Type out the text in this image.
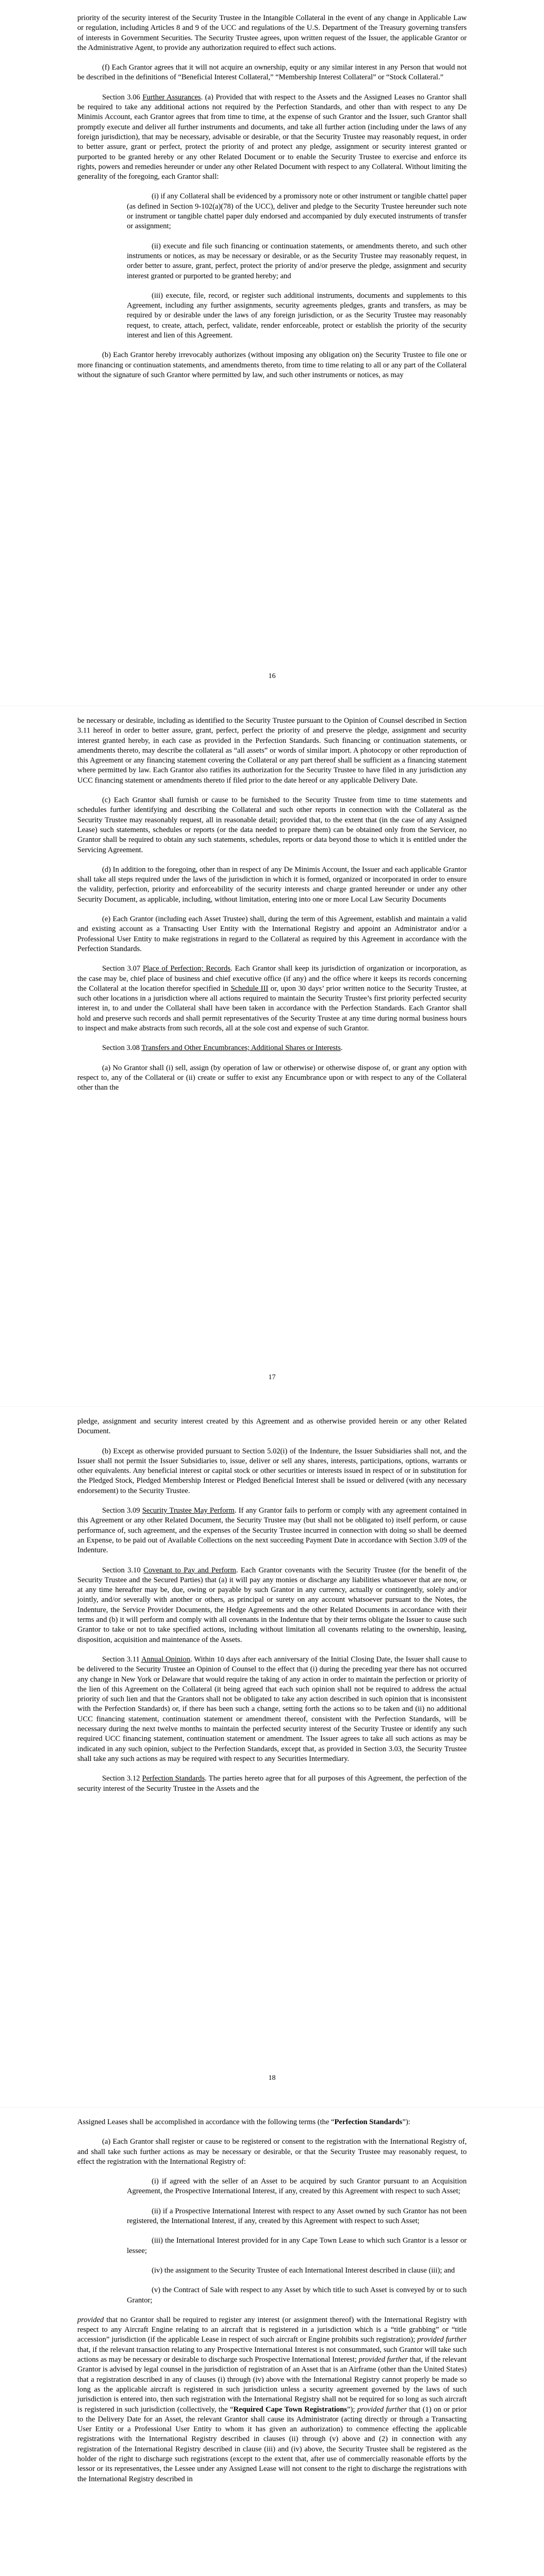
priority of the security interest of the Security Trustee in the Intangible Collateral in the event of any change in Applicable Law or regulation, including Articles 8 and 9 of the UCC and regulations of the U.S. Department of the Treasury governing transfers of interests in Government Securities. The Security Trustee agrees, upon written request of the Issuer, the applicable Grantor or the Administrative Agent, to provide any authorization required to effect such actions.

(f) Each Grantor agrees that it will not acquire an ownership, equity or any similar interest in any Person that would not be described in the definitions of “Beneficial Interest Collateral,” “Membership Interest Collateral” or “Stock Collateral.”

Section 3.06 Further Assurances. (a) Provided that with respect to the Assets and the Assigned Leases no Grantor shall be required to take any additional actions not required by the Perfection Standards, and other than with respect to any De Minimis Account, each Grantor agrees that from time to time, at the expense of such Grantor and the Issuer, such Grantor shall promptly execute and deliver all further instruments and documents, and take all further action (including under the laws of any foreign jurisdiction), that may be necessary, advisable or desirable, or that the Security Trustee may reasonably request, in order to better assure, grant or perfect, protect the priority of and protect any pledge, assignment or security interest granted or purported to be granted hereby or any other Related Document or to enable the Security Trustee to exercise and enforce its rights, powers and remedies hereunder or under any other Related Document with respect to any Collateral. Without limiting the generality of the foregoing, each Grantor shall:

(i) if any Collateral shall be evidenced by a promissory note or other instrument or tangible chattel paper (as defined in Section 9-102(a)(78) of the UCC), deliver and pledge to the Security Trustee hereunder such note or instrument or tangible chattel paper duly endorsed and accompanied by duly executed instruments of transfer or assignment;

(ii) execute and file such financing or continuation statements, or amendments thereto, and such other instruments or notices, as may be necessary or desirable, or as the Security Trustee may reasonably request, in order better to assure, grant, perfect, protect the priority of and/or preserve the pledge, assignment and security interest granted or purported to be granted hereby; and

(iii) execute, file, record, or register such additional instruments, documents and supplements to this Agreement, including any further assignments, security agreements pledges, grants and transfers, as may be required by or desirable under the laws of any foreign jurisdiction, or as the Security Trustee may reasonably request, to create, attach, perfect, validate, render enforceable, protect or establish the priority of the security interest and lien of this Agreement.

(b) Each Grantor hereby irrevocably authorizes (without imposing any obligation on) the Security Trustee to file one or more financing or continuation statements, and amendments thereto, from time to time relating to all or any part of the Collateral without the signature of such Grantor where permitted by law, and such other instruments or notices, as may

16

be necessary or desirable, including as identified to the Security Trustee pursuant to the Opinion of Counsel described in Section 3.11 hereof in order to better assure, grant, perfect, perfect the priority of and preserve the pledge, assignment and security interest granted hereby, in each case as provided in the Perfection Standards. Such financing or continuation statements, or amendments thereto, may describe the collateral as “all assets” or words of similar import. A photocopy or other reproduction of this Agreement or any financing statement covering the Collateral or any part thereof shall be sufficient as a financing statement where permitted by law. Each Grantor also ratifies its authorization for the Security Trustee to have filed in any jurisdiction any UCC financing statement or amendments thereto if filed prior to the date hereof or any applicable Delivery Date.

(c) Each Grantor shall furnish or cause to be furnished to the Security Trustee from time to time statements and schedules further identifying and describing the Collateral and such other reports in connection with the Collateral as the Security Trustee may reasonably request, all in reasonable detail; provided that, to the extent that (in the case of any Assigned Lease) such statements, schedules or reports (or the data needed to prepare them) can be obtained only from the Servicer, no Grantor shall be required to obtain any such statements, schedules, reports or data beyond those to which it is entitled under the Servicing Agreement.

(d) In addition to the foregoing, other than in respect of any De Minimis Account, the Issuer and each applicable Grantor shall take all steps required under the laws of the jurisdiction in which it is formed, organized or incorporated in order to ensure the validity, perfection, priority and enforceability of the security interests and charge granted hereunder or under any other Security Document, as applicable, including, without limitation, entering into one or more Local Law Security Documents

(e) Each Grantor (including each Asset Trustee) shall, during the term of this Agreement, establish and maintain a valid and existing account as a Transacting User Entity with the International Registry and appoint an Administrator and/or a Professional User Entity to make registrations in regard to the Collateral as required by this Agreement in accordance with the Perfection Standards.

Section 3.07 Place of Perfection; Records. Each Grantor shall keep its jurisdiction of organization or incorporation, as the case may be, chief place of business and chief executive office (if any) and the office where it keeps its records concerning the Collateral at the location therefor specified in Schedule III or, upon 30 days’ prior written notice to the Security Trustee, at such other locations in a jurisdiction where all actions required to maintain the Security Trustee’s first priority perfected security interest in, to and under the Collateral shall have been taken in accordance with the Perfection Standards. Each Grantor shall hold and preserve such records and shall permit representatives of the Security Trustee at any time during normal business hours to inspect and make abstracts from such records, all at the sole cost and expense of such Grantor.

Section 3.08 Transfers and Other Encumbrances; Additional Shares or Interests.

(a) No Grantor shall (i) sell, assign (by operation of law or otherwise) or otherwise dispose of, or grant any option with respect to, any of the Collateral or (ii) create or suffer to exist any Encumbrance upon or with respect to any of the Collateral other than the

17

pledge, assignment and security interest created by this Agreement and as otherwise provided herein or any other Related Document.

(b) Except as otherwise provided pursuant to Section 5.02(i) of the Indenture, the Issuer Subsidiaries shall not, and the Issuer shall not permit the Issuer Subsidiaries to, issue, deliver or sell any shares, interests, participations, options, warrants or other equivalents. Any beneficial interest or capital stock or other securities or interests issued in respect of or in substitution for the Pledged Stock, Pledged Membership Interest or Pledged Beneficial Interest shall be issued or delivered (with any necessary endorsement) to the Security Trustee.

Section 3.09 Security Trustee May Perform. If any Grantor fails to perform or comply with any agreement contained in this Agreement or any other Related Document, the Security Trustee may (but shall not be obligated to) itself perform, or cause performance of, such agreement, and the expenses of the Security Trustee incurred in connection with doing so shall be deemed an Expense, to be paid out of Available Collections on the next succeeding Payment Date in accordance with Section 3.09 of the Indenture.

Section 3.10 Covenant to Pay and Perform. Each Grantor covenants with the Security Trustee (for the benefit of the Security Trustee and the Secured Parties) that (a) it will pay any monies or discharge any liabilities whatsoever that are now, or at any time hereafter may be, due, owing or payable by such Grantor in any currency, actually or contingently, solely and/or jointly, and/or severally with another or others, as principal or surety on any account whatsoever pursuant to the Notes, the Indenture, the Service Provider Documents, the Hedge Agreements and the other Related Documents in accordance with their terms and (b) it will perform and comply with all covenants in the Indenture that by their terms obligate the Issuer to cause such Grantor to take or not to take specified actions, including without limitation all covenants relating to the ownership, leasing, disposition, acquisition and maintenance of the Assets.

Section 3.11 Annual Opinion. Within 10 days after each anniversary of the Initial Closing Date, the Issuer shall cause to be delivered to the Security Trustee an Opinion of Counsel to the effect that (i) during the preceding year there has not occurred any change in New York or Delaware that would require the taking of any action in order to maintain the perfection or priority of the lien of this Agreement on the Collateral (it being agreed that each such opinion shall not be required to address the actual priority of such lien and that the Grantors shall not be obligated to take any action described in such opinion that is inconsistent with the Perfection Standards) or, if there has been such a change, setting forth the actions so to be taken and (ii) no additional UCC financing statement, continuation statement or amendment thereof, consistent with the Perfection Standards, will be necessary during the next twelve months to maintain the perfected security interest of the Security Trustee or identify any such required UCC financing statement, continuation statement or amendment. The Issuer agrees to take all such actions as may be indicated in any such opinion, subject to the Perfection Standards, except that, as provided in Section 3.03, the Security Trustee shall take any such actions as may be required with respect to any Securities Intermediary.

Section 3.12 Perfection Standards. The parties hereto agree that for all purposes of this Agreement, the perfection of the security interest of the Security Trustee in the Assets and the

18

Assigned Leases shall be accomplished in accordance with the following terms (the “Perfection Standards”):

(a) Each Grantor shall register or cause to be registered or consent to the registration with the International Registry of, and shall take such further actions as may be necessary or desirable, or that the Security Trustee may reasonably request, to effect the registration with the International Registry of:

(i) if agreed with the seller of an Asset to be acquired by such Grantor pursuant to an Acquisition Agreement, the Prospective International Interest, if any, created by this Agreement with respect to such Asset;

(ii) if a Prospective International Interest with respect to any Asset owned by such Grantor has not been registered, the International Interest, if any, created by this Agreement with respect to such Asset;

(iii) the International Interest provided for in any Cape Town Lease to which such Grantor is a lessor or lessee;

(iv) the assignment to the Security Trustee of each International Interest described in clause (iii); and

(v) the Contract of Sale with respect to any Asset by which title to such Asset is conveyed by or to such Grantor;

provided that no Grantor shall be required to register any interest (or assignment thereof) with the International Registry with respect to any Aircraft Engine relating to an aircraft that is registered in a jurisdiction which is a “title grabbing” or “title accession” jurisdiction (if the applicable Lease in respect of such aircraft or Engine prohibits such registration); provided further that, if the relevant transaction relating to any Prospective International Interest is not consummated, such Grantor will take such actions as may be necessary or desirable to discharge such Prospective International Interest; provided further that, if the relevant Grantor is advised by legal counsel in the jurisdiction of registration of an Asset that is an Airframe (other than the United States) that a registration described in any of clauses (i) through (iv) above with the International Registry cannot properly be made so long as the applicable aircraft is registered in such jurisdiction unless a security agreement governed by the laws of such jurisdiction is entered into, then such registration with the International Registry shall not be required for so long as such aircraft is registered in such jurisdiction (collectively, the “Required Cape Town Registrations”); provided further that (1) on or prior to the Delivery Date for an Asset, the relevant Grantor shall cause its Administrator (acting directly or through a Transacting User Entity or a Professional User Entity to whom it has given an authorization) to commence effecting the applicable registrations with the International Registry described in clauses (ii) through (v) above and (2) in connection with any registration of the International Registry described in clause (iii) and (iv) above, the Security Trustee shall be registered as the holder of the right to discharge such registrations (except to the extent that, after use of commercially reasonable efforts by the lessor or its representatives, the Lessee under any Assigned Lease will not consent to the right to discharge the registrations with the International Registry described in
